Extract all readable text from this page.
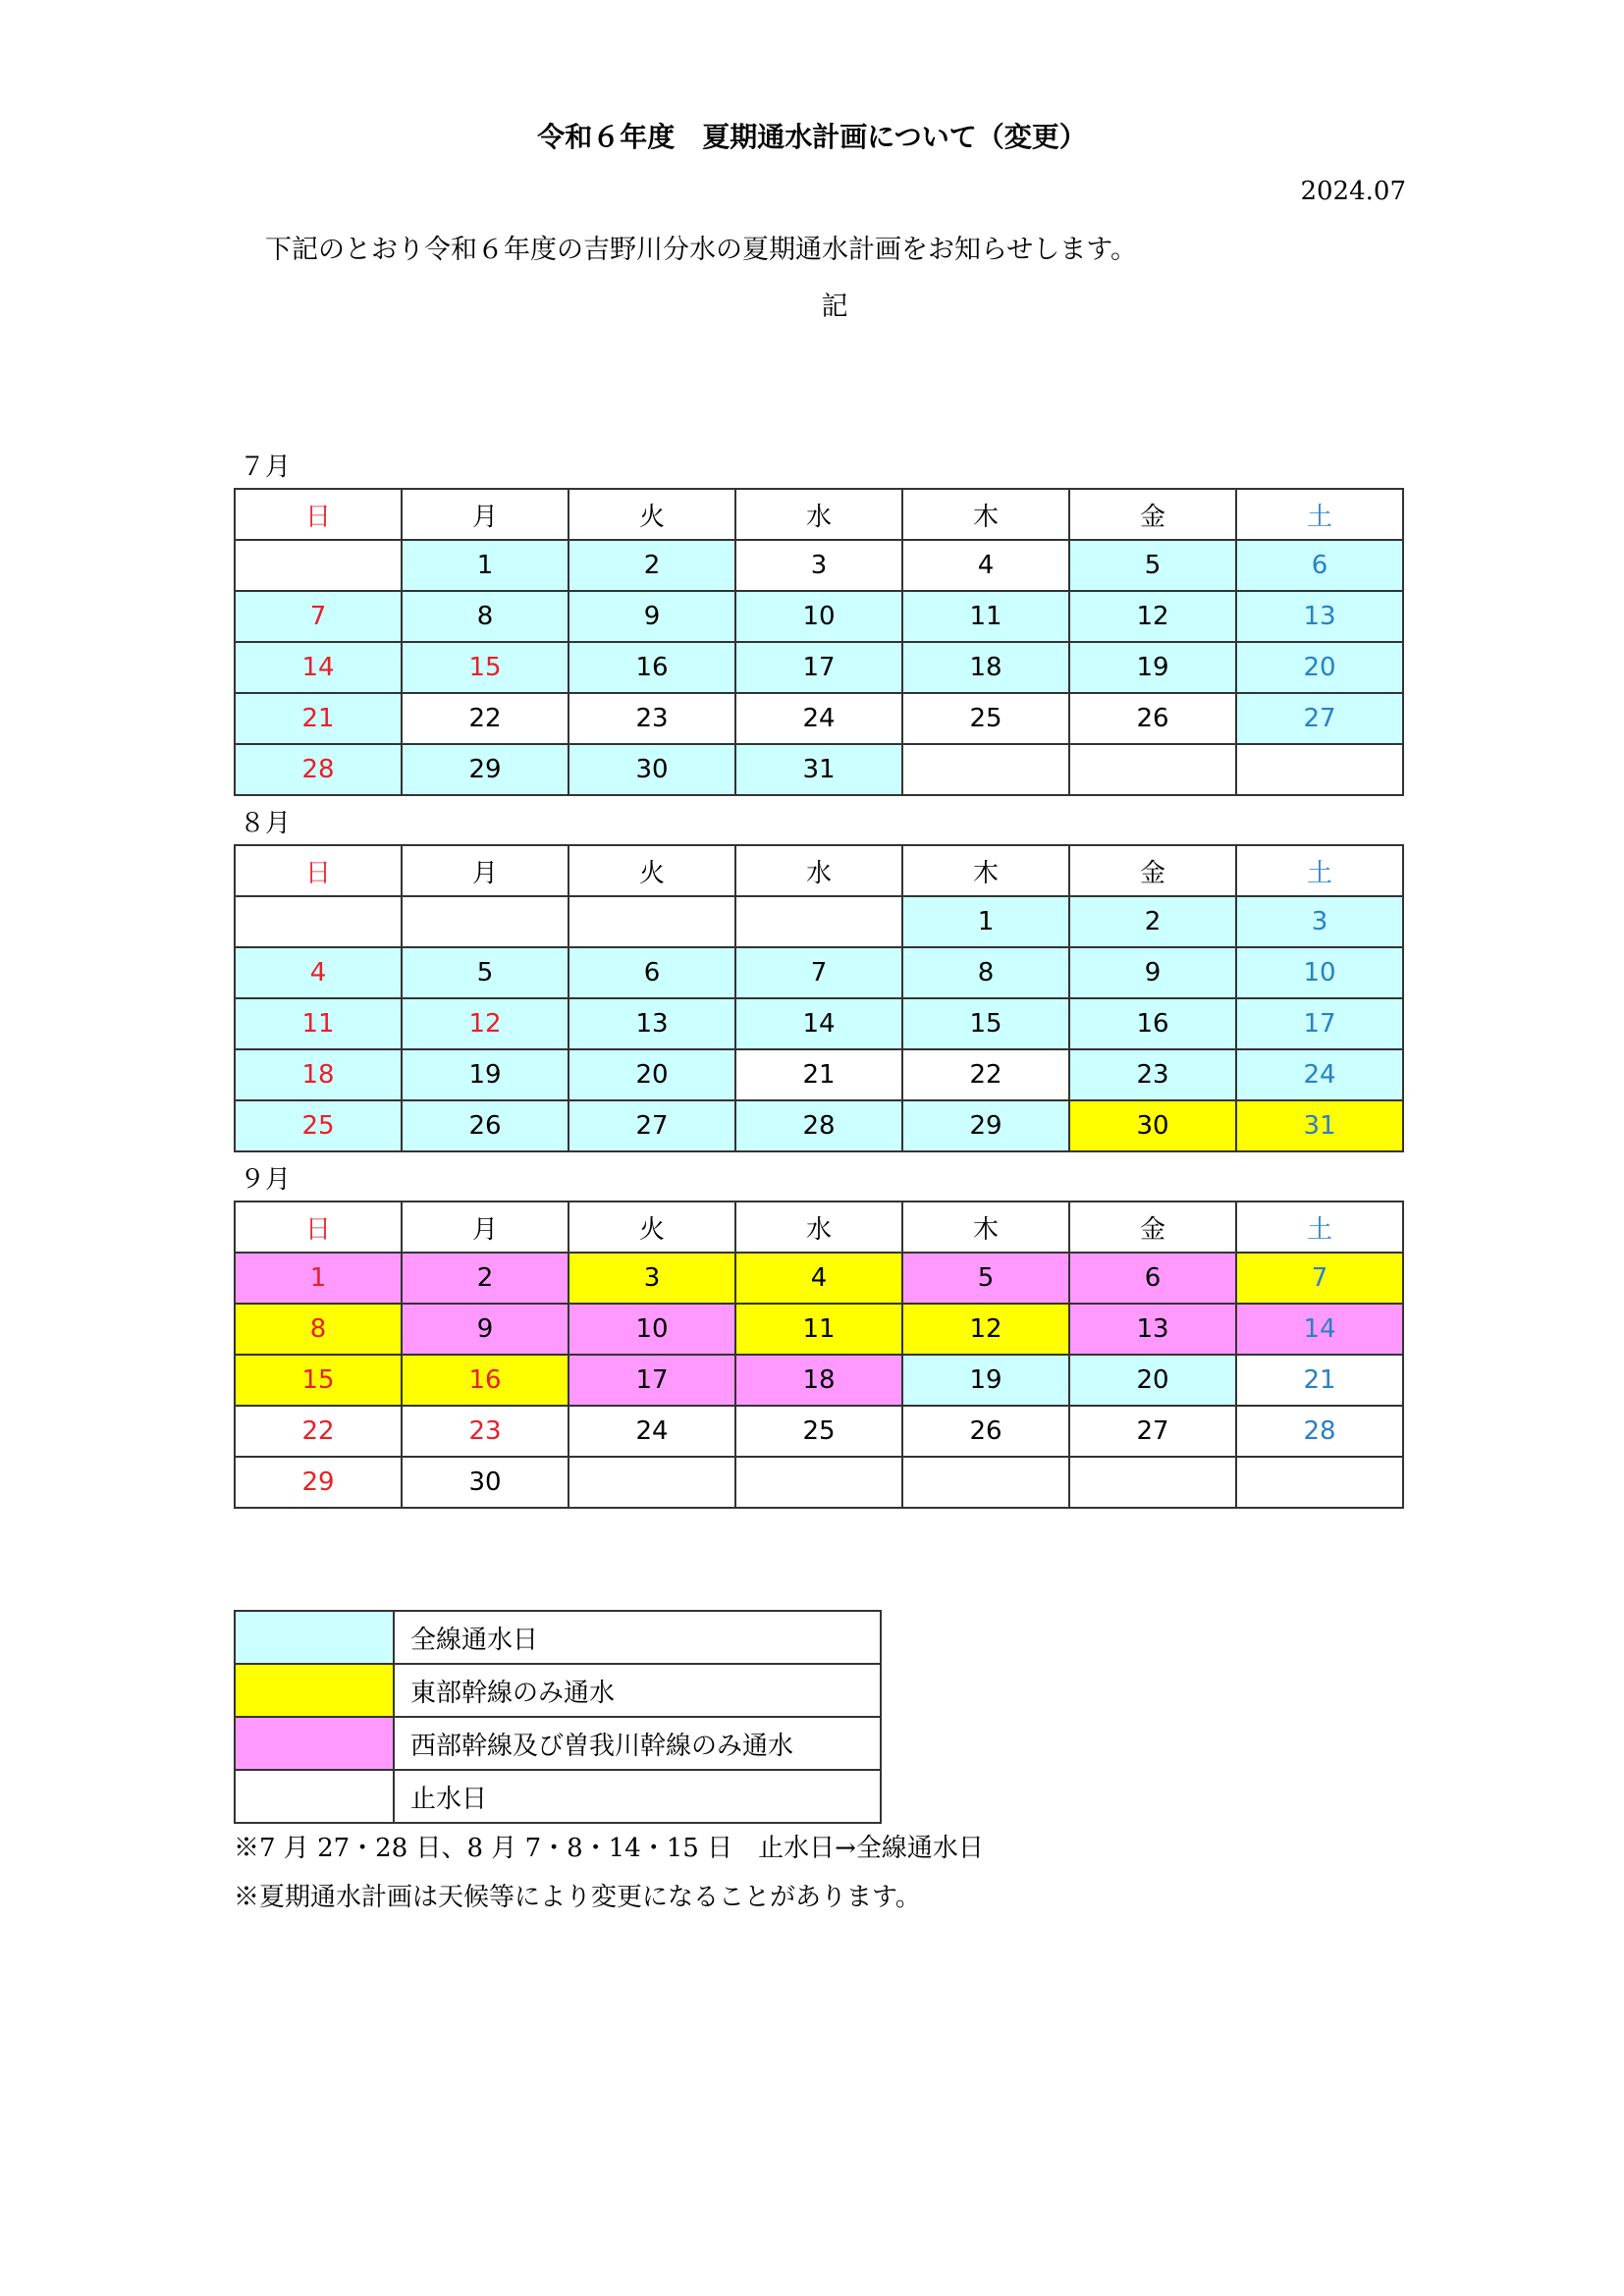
令和６年度　夏期通水計画について（変更）
2024.07
下記のとおり令和６年度の吉野川分水の夏期通水計画をお知らせします。
記
７月
日	月	火	水	木	金	土
	1	2	3	4	5	6
7	8	9	10	11	12	13
14	15	16	17	18	19	20
21	22	23	24	25	26	27
28	29	30	31			
８月
日	月	火	水	木	金	土
				1	2	3
4	5	6	7	8	9	10
11	12	13	14	15	16	17
18	19	20	21	22	23	24
25	26	27	28	29	30	31
９月
日	月	火	水	木	金	土
1	2	3	4	5	6	7
8	9	10	11	12	13	14
15	16	17	18	19	20	21
22	23	24	25	26	27	28
29	30					
	全線通水日
	東部幹線のみ通水
	西部幹線及び曽我川幹線のみ通水
	止水日
※7 月 27・28 日、8 月 7・8・14・15 日　止水日→全線通水日
※夏期通水計画は天候等により変更になることがあります。
